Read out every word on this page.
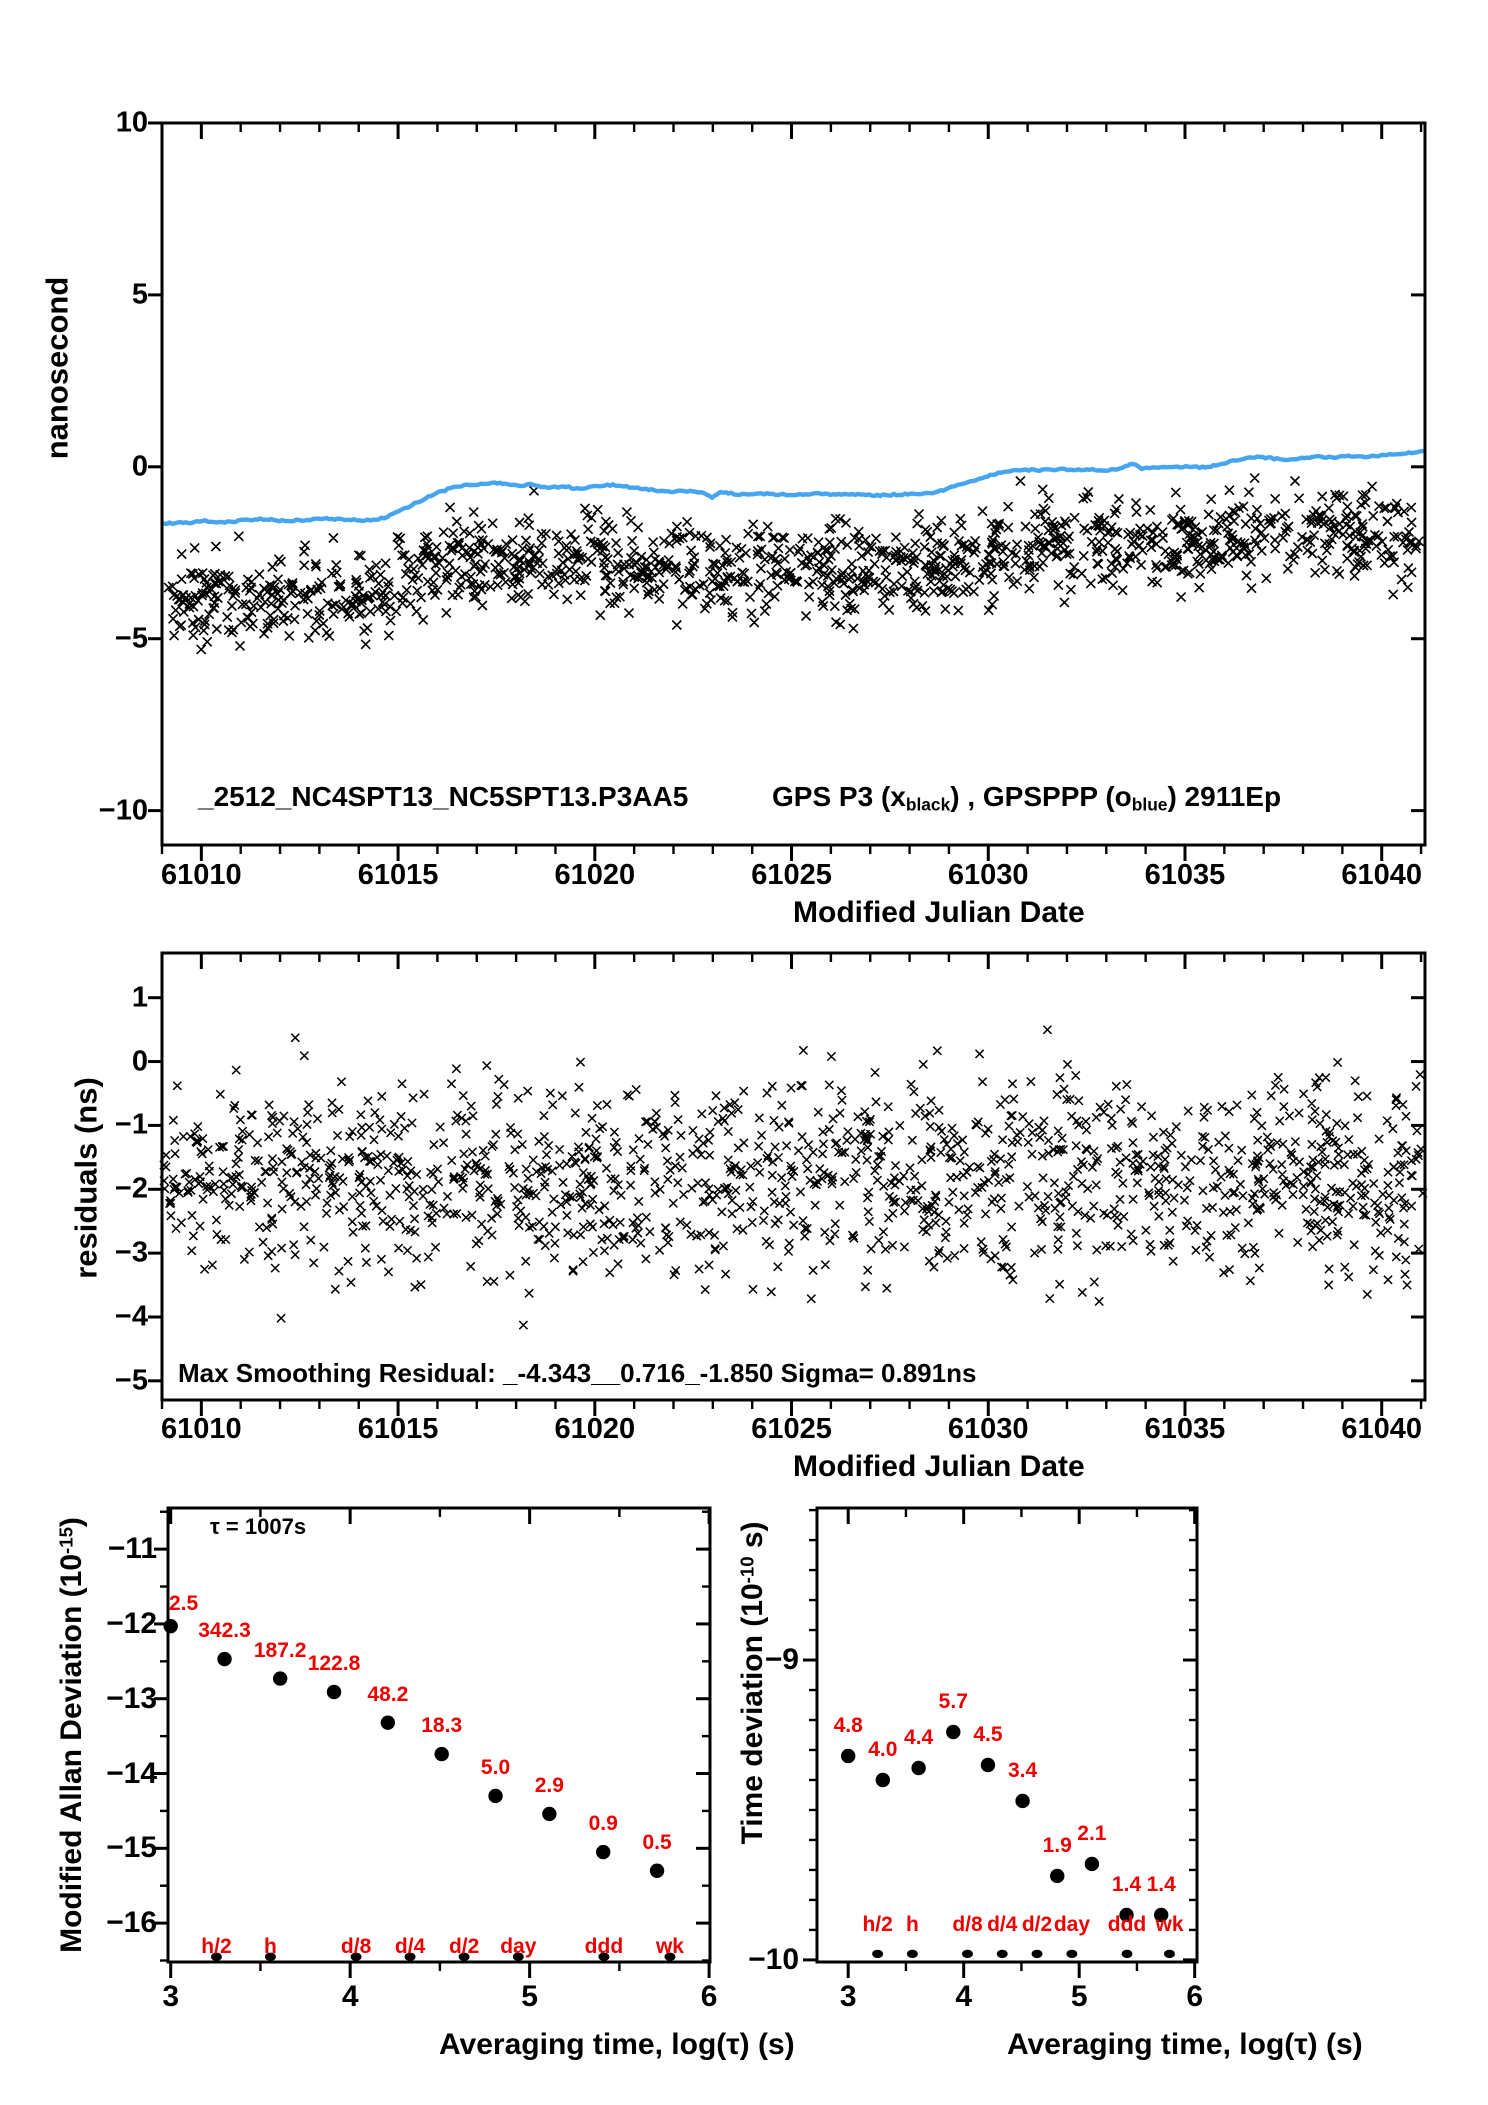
_2512_NC4SPT13_NC5SPT13.P3AA5	GPS P3 $(x_{black})$ , GPSPPP $(o_{blue})$ 2911Ep
nanosecond
Modified Julian Date
residuals (ns)
Modified Julian Date
Max Smoothing Residual: _-4.343__0.716_-1.850 Sigma= 0.891ns
Modified Allan Deviation $(10^{-15})$
Averaging time, log(τ) (s)
τ = 1007s
Time deviation ($10^{-10}$ s)
Averaging time, log(τ) (s)
61010	61015	61020	61025	61030	61035	61040
10
5
0
−5
−10
61010	61015	61020	61025	61030	61035	61040
1
0
−1
−2
−3
−4
−5
2.5
342.3
187.2
122.8
48.2
18.3
5.0
2.9
0.9
0.5
h/2 h	d/8 d/4 d/2 day ddd wk
3	4	5	6
−11
−12
−13
−14
−15
−16
4.8
4.0
4.4
5.7
4.5
3.4
1.9
2.1
1.4 1.4
h/2 h d/8 d/4 d/2 day ddd wk
3	4	5	6
−9
−10
